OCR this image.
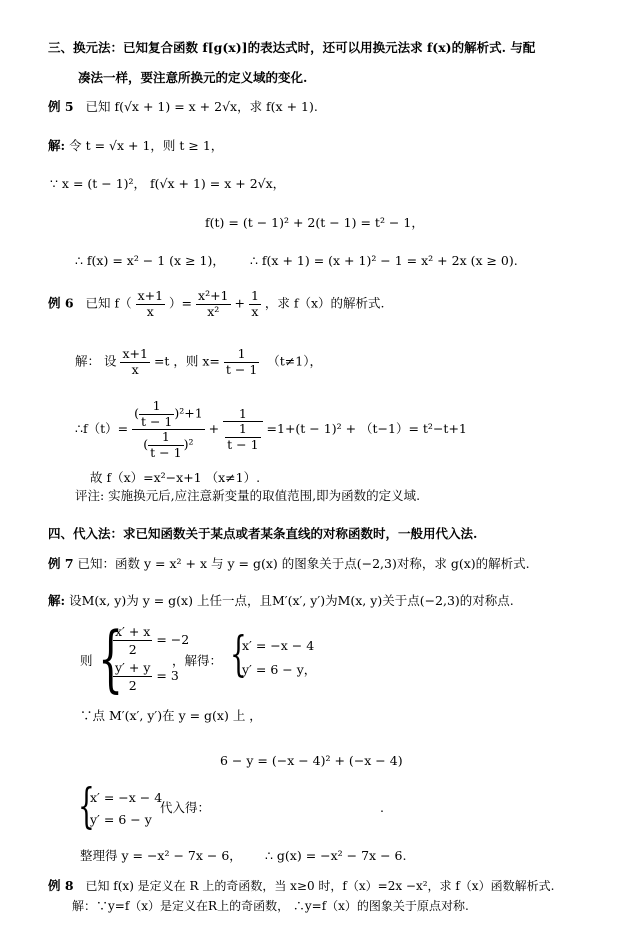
三、换元法：已知复合函数 f[g(x)]的表达式时，还可以用换元法求 f(x)的解析式. 与配
凑法一样，要注意所换元的定义域的变化.
例 5 已知 f(√x + 1) = x + 2√x，求 f(x + 1).
解: 令 t = √x + 1，则 t ≥ 1，
∵ x = (t − 1)²， f(√x + 1) = x + 2√x，
f(t) = (t − 1)² + 2(t − 1) = t² − 1，
∴ f(x) = x² − 1 (x ≥ 1)， ∴ f(x + 1) = (x + 1)² − 1 = x² + 2x (x ≥ 0).
例 6 已知 $f( \frac{x+1}{x}$ ）= $\frac{\text{x²+1}}{\text{x²}} + \frac{1}{x}$ ，求 f（x）的解析式.
解： 设 $\frac{x+1}{x} =t$ ，则 $x= \frac{1}{t - 1} (t\ne 1)$，
∴f（t）= $\frac{( \frac{1}{t - 1} )^2+1}{( \frac{1}{t - 1} )^2} + \frac{1}{\frac{1}{t - 1}} =1+(t - 1)^2 + (t-1)= t^2-t+1$
故 f（x）=x²−x+1 （x≠1）.
评注: 实施换元后,应注意新变量的取值范围,即为函数的定义域.
四、代入法：求已知函数关于某点或者某条直线的对称函数时，一般用代入法.
例 7 已知：函数 y = x² + x 与 y = g(x) 的图象关于点(−2,3)对称，求 g(x)的解析式.
解: 设M(x, y)为 y = g(x) 上任一点，且M′(x′, y′)为M(x, y)关于点(−2,3)的对称点.
则 {
$\frac{x' + x}{2} = -2$
$\frac{y' + y}{2} = 3$
，解得： {
x′ = −x − 4
y′ = 6 − y，
∵点 M′(x′, y′)在 y = g(x) 上 ，
6 − y = (−x − 4)² + (−x − 4)
{
x′ = −x − 4
y′ = 6 − y
代入得：	.
整理得 y = −x² − 7x − 6， ∴ g(x) = −x² − 7x − 6.
例 8 已知 f(x) 是定义在 R 上的奇函数，当 x≥0 时，f（x）=2x −x²，求 f（x）函数解析式.
解：∵y=f（x）是定义在R上的奇函数， ∴y=f（x）的图象关于原点对称.
